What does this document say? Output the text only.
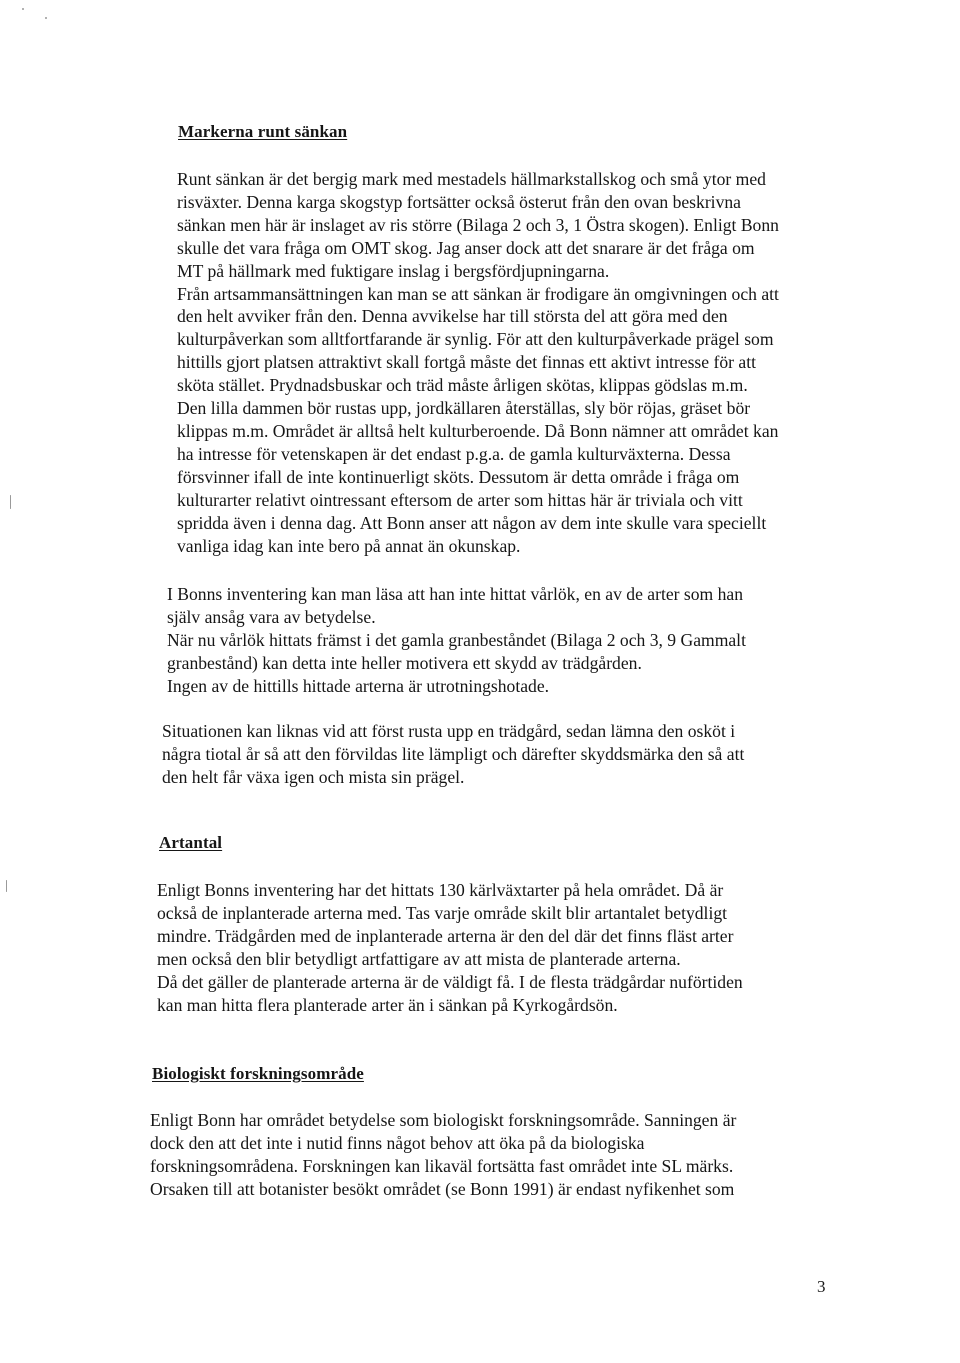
Markerna runt sänkan
Runt sänkan är det bergig mark med mestadels hällmarkstallskog och små ytor med
risväxter. Denna karga skogstyp fortsätter också österut från den ovan beskrivna
sänkan men här är inslaget av ris större (Bilaga 2 och 3, 1 Östra skogen). Enligt Bonn
skulle det vara fråga om OMT skog. Jag anser dock att det snarare är det fråga om
MT på hällmark med fuktigare inslag i bergsfördjupningarna.
Från artsammansättningen kan man se att sänkan är frodigare än omgivningen och att
den helt avviker från den. Denna avvikelse har till största del att göra med den
kulturpåverkan som alltfortfarande är synlig. För att den kulturpåverkade prägel som
hittills gjort platsen attraktivt skall fortgå måste det finnas ett aktivt intresse för att
sköta stället. Prydnadsbuskar och träd måste årligen skötas, klippas gödslas m.m.
Den lilla dammen bör rustas upp, jordkällaren återställas, sly bör röjas, gräset bör
klippas m.m. Området är alltså helt kulturberoende. Då Bonn nämner att området kan
ha intresse för vetenskapen är det endast p.g.a. de gamla kulturväxterna. Dessa
försvinner ifall de inte kontinuerligt sköts. Dessutom är detta område i fråga om
kulturarter relativt ointressant eftersom de arter som hittas här är triviala och vitt
spridda även i denna dag. Att Bonn anser att någon av dem inte skulle vara speciellt
vanliga idag kan inte bero på annat än okunskap.
I Bonns inventering kan man läsa att han inte hittat vårlök, en av de arter som han
själv ansåg vara av betydelse.
När nu vårlök hittats främst i det gamla granbeståndet (Bilaga 2 och 3, 9 Gammalt
granbestånd) kan detta inte heller motivera ett skydd av trädgården.
Ingen av de hittills hittade arterna är utrotningshotade.
Situationen kan liknas vid att först rusta upp en trädgård, sedan lämna den osköt i
några tiotal år så att den förvildas lite lämpligt och därefter skyddsmärka den så att
den helt får växa igen och mista sin prägel.
Artantal
Enligt Bonns inventering har det hittats 130 kärlväxtarter på hela området. Då är
också de inplanterade arterna med. Tas varje område skilt blir artantalet betydligt
mindre. Trädgården med de inplanterade arterna är den del där det finns fläst arter
men också den blir betydligt artfattigare av att mista de planterade arterna.
Då det gäller de planterade arterna är de väldigt få. I de flesta trädgårdar nuförtiden
kan man hitta flera planterade arter än i sänkan på Kyrkogårdsön.
Biologiskt forskningsområde
Enligt Bonn har området betydelse som biologiskt forskningsområde. Sanningen är
dock den att det inte i nutid finns något behov att öka på da biologiska
forskningsområdena. Forskningen kan likaväl fortsätta fast området inte SL märks.
Orsaken till att botanister besökt området (se Bonn 1991) är endast nyfikenhet som
3
